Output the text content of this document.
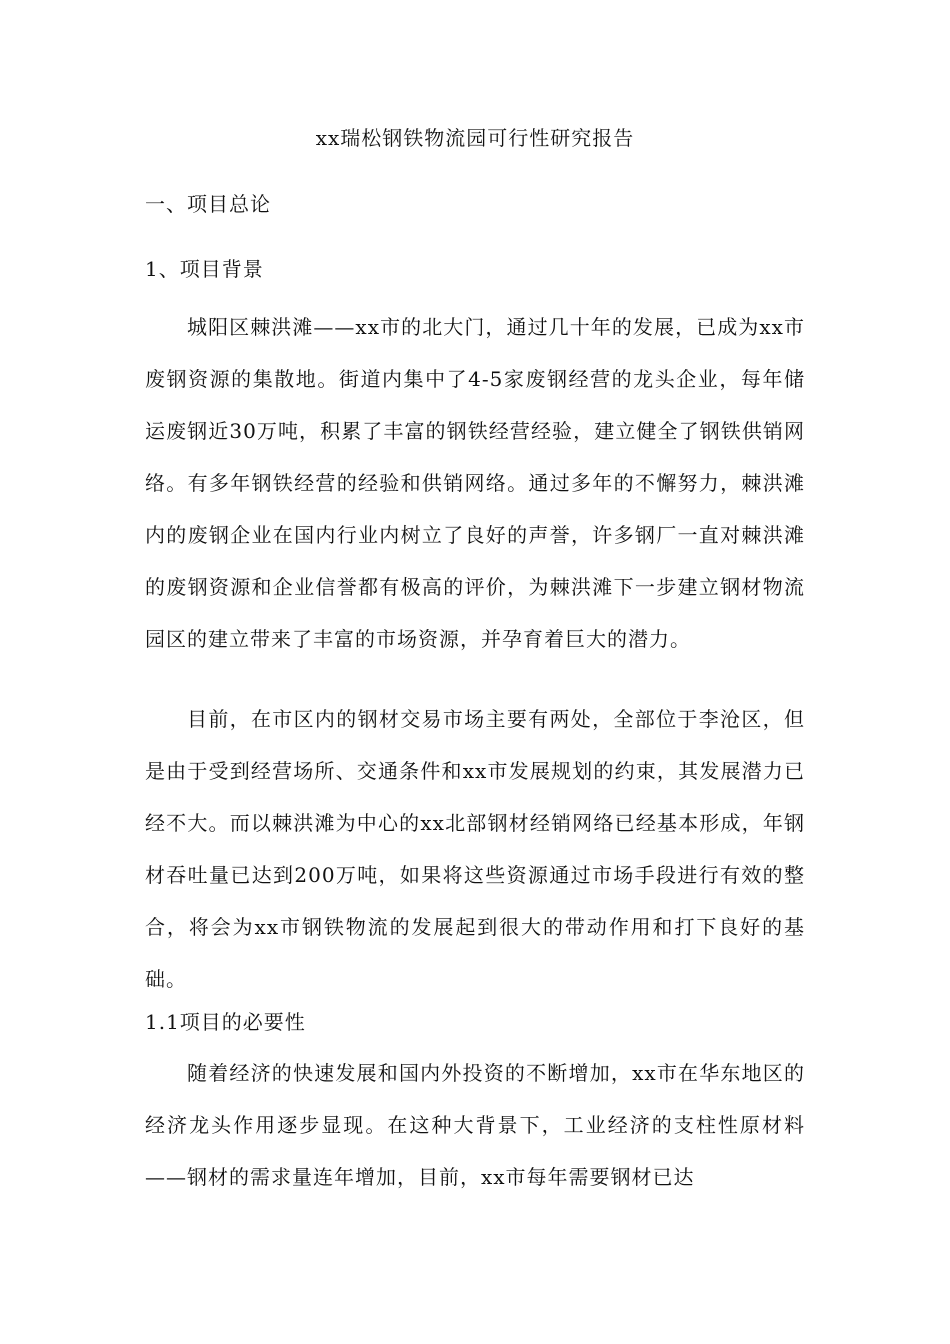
xx瑞松钢铁物流园可行性研究报告
一、项目总论
1、项目背景

城阳区棘洪滩——xx市的北大门，通过几十年的发展，已成为xx市废钢资源的集散地。街道内集中了4-5家废钢经营的龙头企业，每年储运废钢近30万吨，积累了丰富的钢铁经营经验，建立健全了钢铁供销网络。有多年钢铁经营的经验和供销网络。通过多年的不懈努力，棘洪滩内的废钢企业在国内行业内树立了良好的声誉，许多钢厂一直对棘洪滩的废钢资源和企业信誉都有极高的评价，为棘洪滩下一步建立钢材物流园区的建立带来了丰富的市场资源，并孕育着巨大的潜力。

目前，在市区内的钢材交易市场主要有两处，全部位于李沧区，但是由于受到经营场所、交通条件和xx市发展规划的约束，其发展潜力已经不大。而以棘洪滩为中心的xx北部钢材经销网络已经基本形成，年钢材吞吐量已达到200万吨，如果将这些资源通过市场手段进行有效的整合，将会为xx市钢铁物流的发展起到很大的带动作用和打下良好的基础。

1.1项目的必要性

随着经济的快速发展和国内外投资的不断增加，xx市在华东地区的经济龙头作用逐步显现。在这种大背景下，工业经济的支柱性原材料——钢材的需求量连年增加，目前，xx市每年需要钢材已达
